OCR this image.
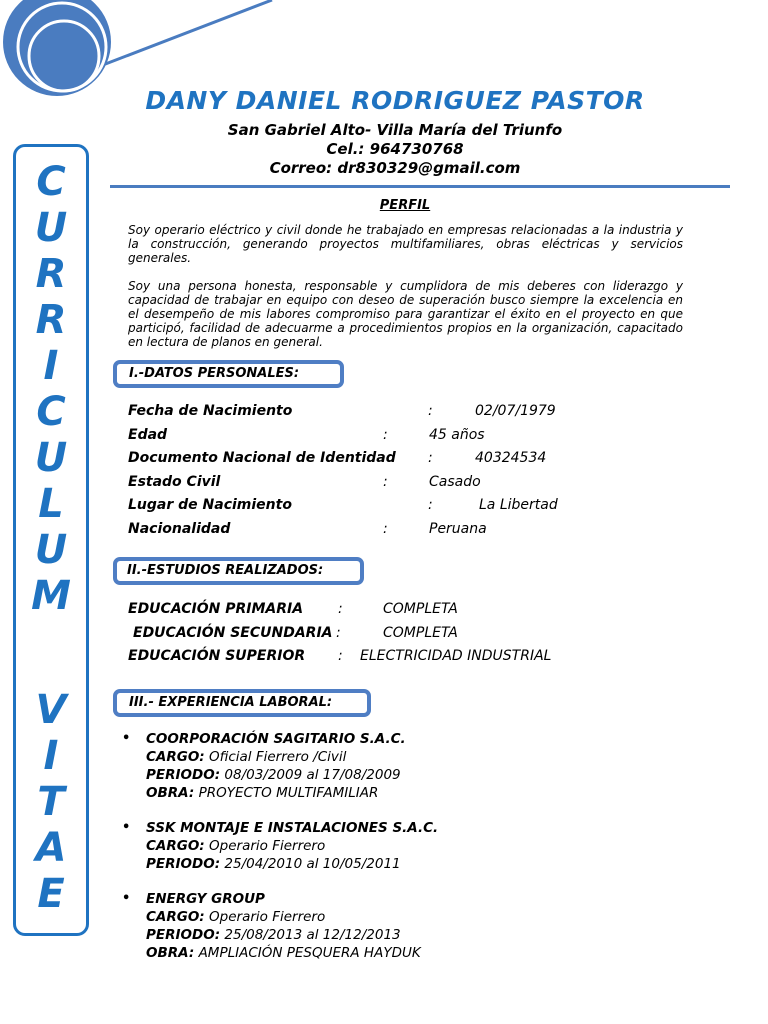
C
U
R
R
I
C
U
L
U
M
V
I
T
A
E
DANY DANIEL RODRIGUEZ PASTOR
San Gabriel Alto- Villa María del Triunfo
Cel.: 964730768
Correo: dr830329@gmail.com
PERFIL

Soy operario eléctrico y civil donde he trabajado en empresas relacionadas a la industria y la construcción, generando proyectos multifamiliares, obras eléctricas y servicios generales.

Soy una persona honesta, responsable y cumplidora de mis deberes con liderazgo y capacidad de trabajar en equipo con deseo de superación busco siempre la excelencia en el desempeño de mis labores compromiso para garantizar el éxito en el proyecto en que participó, facilidad de adecuarme a procedimientos propios en la organización, capacitado en lectura de planos en general.

I.-DATOS PERSONALES:
Fecha de Nacimiento	:	02/07/1979
Edad	:	45 años
Documento Nacional de Identidad :	40324534
Estado Civil	:	Casado
Lugar de Nacimiento	:	La Libertad
Nacionalidad	:	Peruana
II.-ESTUDIOS REALIZADOS:
EDUCACIÓN PRIMARIA :	COMPLETA
EDUCACIÓN SECUNDARIA :	COMPLETA
EDUCACIÓN SUPERIOR : ELECTRICIDAD INDUSTRIAL
III.- EXPERIENCIA LABORAL:
• COORPORACIÓN SAGITARIO S.A.C.
CARGO: Oficial Fierrero /Civil
PERIODO: 08/03/2009 al 17/08/2009
OBRA: PROYECTO MULTIFAMILIAR
• SSK MONTAJE E INSTALACIONES S.A.C.
CARGO: Operario Fierrero
PERIODO: 25/04/2010 al 10/05/2011
• ENERGY GROUP
CARGO: Operario Fierrero
PERIODO: 25/08/2013 al 12/12/2013
OBRA: AMPLIACIÓN PESQUERA HAYDUK
